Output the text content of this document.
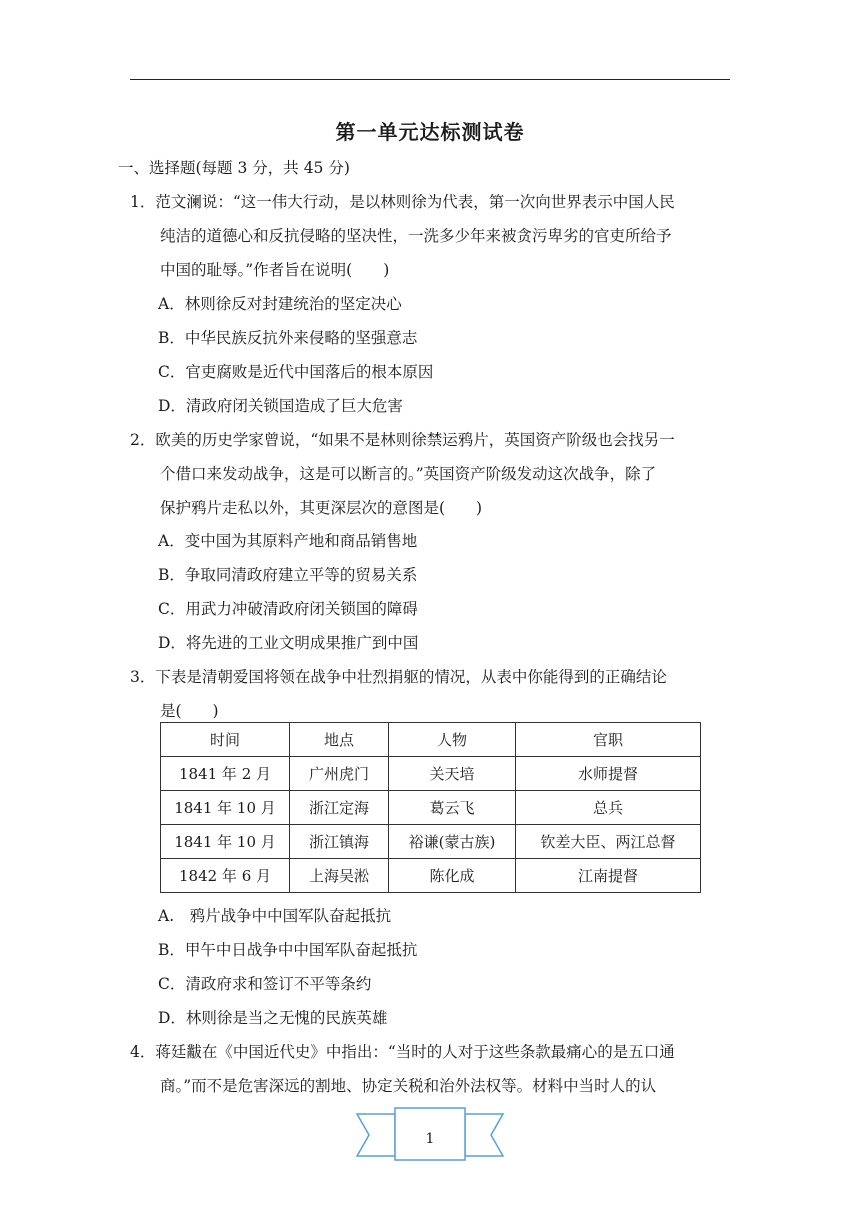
第一单元达标测试卷
一、选择题(每题 3 分，共 45 分)
1．范文澜说：“这一伟大行动，是以林则徐为代表，第一次向世界表示中国人民
纯洁的道德心和反抗侵略的坚决性，一洗多少年来被贪污卑劣的官吏所给予
中国的耻辱。”作者旨在说明(　　)
A．林则徐反对封建统治的坚定决心
B．中华民族反抗外来侵略的坚强意志
C．官吏腐败是近代中国落后的根本原因
D．清政府闭关锁国造成了巨大危害
2．欧美的历史学家曾说，“如果不是林则徐禁运鸦片，英国资产阶级也会找另一
个借口来发动战争，这是可以断言的。”英国资产阶级发动这次战争，除了
保护鸦片走私以外，其更深层次的意图是(　　)
A．变中国为其原料产地和商品销售地
B．争取同清政府建立平等的贸易关系
C．用武力冲破清政府闭关锁国的障碍
D．将先进的工业文明成果推广到中国
3．下表是清朝爱国将领在战争中壮烈捐躯的情况，从表中你能得到的正确结论
是(　　)
时间	地点	人物	官职
1841 年 2 月	广州虎门	关天培	水师提督
1841 年 10 月	浙江定海	葛云飞	总兵
1841 年 10 月	浙江镇海	裕谦(蒙古族)	钦差大臣、两江总督
1842 年 6 月	上海吴淞	陈化成	江南提督
A.　鸦片战争中中国军队奋起抵抗
B．甲午中日战争中中国军队奋起抵抗
C．清政府求和签订不平等条约
D．林则徐是当之无愧的民族英雄
4．蒋廷黻在《中国近代史》中指出：“当时的人对于这些条款最痛心的是五口通
商。”而不是危害深远的割地、协定关税和治外法权等。材料中当时人的认
1
